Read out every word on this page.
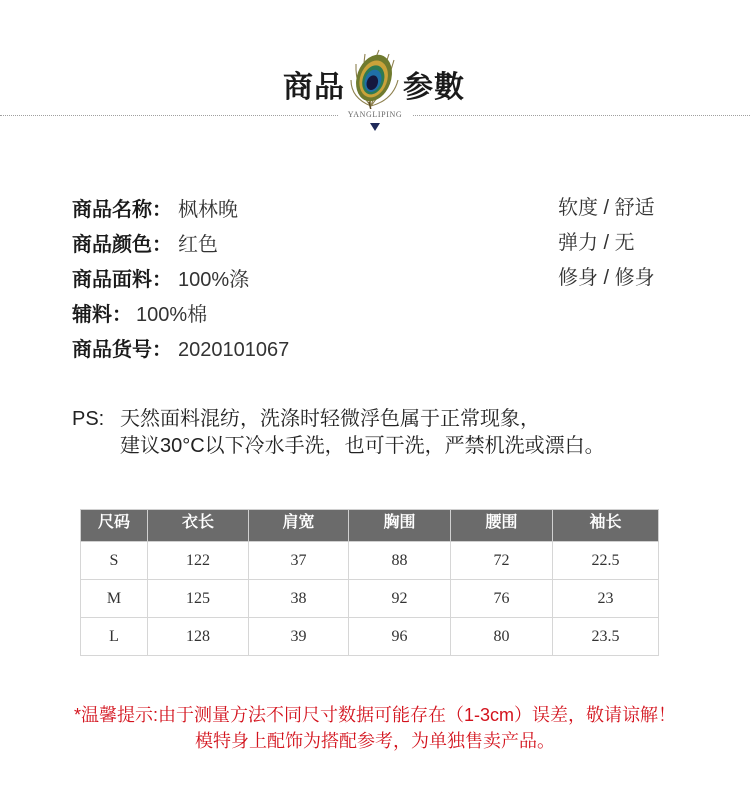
商品 参數
YANGLIPING
商品名称： 枫林晚
商品颜色： 红色
商品面料： 100%涤
辅料： 100%棉
商品货号： 2020101067
软度 / 舒适
弹力 / 无
修身 / 修身
PS: 天然面料混纺，洗涤时轻微浮色属于正常现象，
建议30°C以下冷水手洗，也可干洗，严禁机洗或漂白。
尺码	衣长	肩宽	胸围	腰围	袖长
S	122	37	88	72	22.5
M	125	38	92	76	23
L	128	39	96	80	23.5
*温馨提示:由于测量方法不同尺寸数据可能存在（1-3cm）误差，敬请谅解！
模特身上配饰为搭配参考，为单独售卖产品。
